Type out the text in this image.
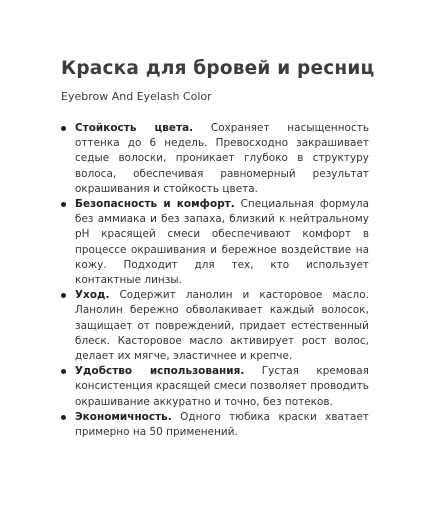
Краска для бровей и ресниц

Eyebrow And Eyelash Color

Стойкость цвета. Сохраняет насыщенность оттенка до 6 недель. Превосходно закрашивает седые волоски, проникает глубоко в структуру волоса, обеспечивая равномерный результат окрашивания и стойкость цвета.
Безопасность и комфорт. Специальная формула без аммиака и без запаха, близкий к нейтральному pH красящей смеси обеспечивают комфорт в процессе окрашивания и бережное воздействие на кожу. Подходит для тех, кто использует контактные линзы.
Уход. Содержит ланолин и касторовое масло. Ланолин бережно обволакивает каждый волосок, защищает от повреждений, придает естественный блеск. Касторовое масло активирует рост волос, делает их мягче, эластичнее и крепче.
Удобство использования. Густая кремовая консистенция красящей смеси позволяет проводить окрашивание аккуратно и точно, без потеков.
Экономичность. Одного тюбика краски хватает примерно на 50 применений.
